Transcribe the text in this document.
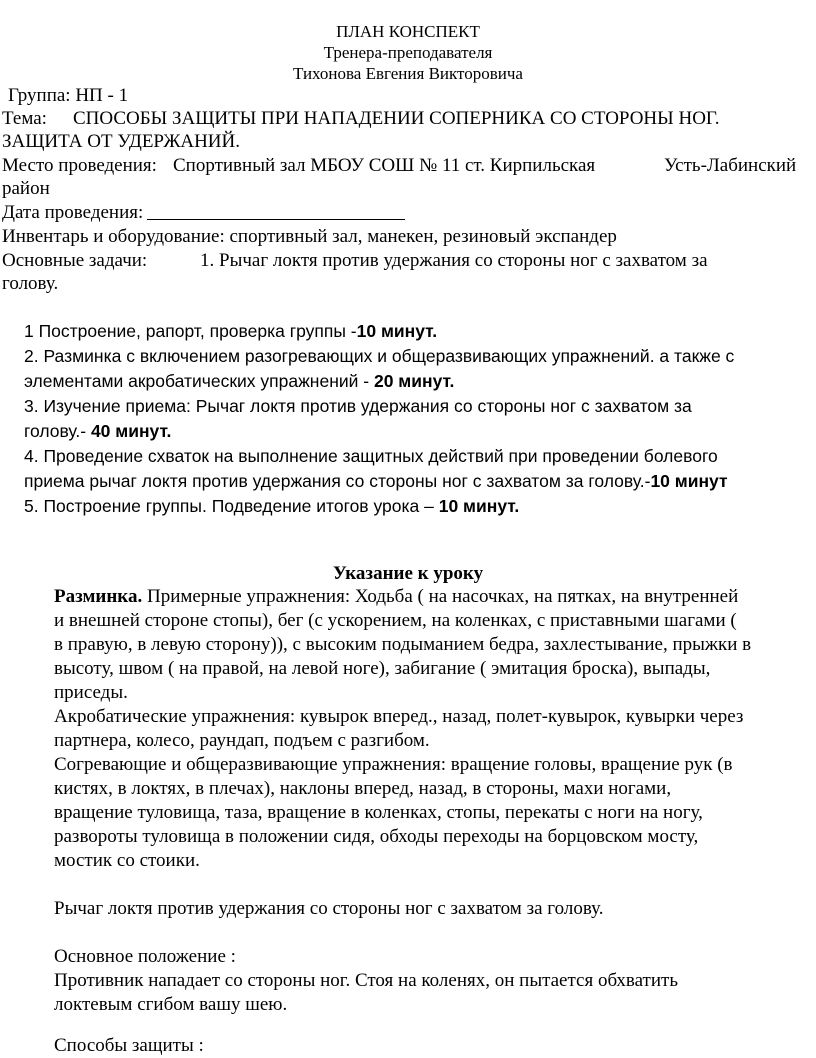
ПЛАН КОНСПЕКТ
Тренера-преподавателя
Тихонова Евгения Викторовича
Группа: НП - 1
Тема: СПОСОБЫ ЗАЩИТЫ ПРИ НАПАДЕНИИ СОПЕРНИКА СО СТОРОНЫ НОГ.
ЗАЩИТА ОТ УДЕРЖАНИЙ.
Место проведения: Спортивный зал МБОУ СОШ № 11 ст. Кирпильская	Усть-Лабинский
район
Дата проведения:
Инвентарь и оборудование: спортивный зал, манекен, резиновый экспандер
Основные задачи:	1. Рычаг локтя против удержания со стороны ног с захватом за
голову.
1 Построение, рапорт, проверка группы -10 минут.
2. Разминка с включением разогревающих и общеразвивающих упражнений. а также с
элементами акробатических упражнений - 20 минут.
3. Изучение приема: Рычаг локтя против удержания со стороны ног с захватом за
голову.- 40 минут.
4. Проведение схваток на выполнение защитных действий при проведении болевого
приема рычаг локтя против удержания со стороны ног с захватом за голову.-10 минут
5. Построение группы. Подведение итогов урока – 10 минут.
Указание к уроку
Разминка. Примерные упражнения: Ходьба ( на насочках, на пятках, на внутренней
и внешней стороне стопы), бег (с ускорением, на коленках, с приставными шагами (
в правую, в левую сторону)), с высоким подыманием бедра, захлестывание, прыжки в
высоту, швом ( на правой, на левой ноге), забигание ( эмитация броска), выпады,
приседы.
Акробатические упражнения: кувырок вперед., назад, полет-кувырок, кувырки через
партнера, колесо, раундап, подъем с разгибом.
Согревающие и общеразвивающие упражнения: вращение головы, вращение рук (в
кистях, в локтях, в плечах), наклоны вперед, назад, в стороны, махи ногами,
вращение туловища, таза, вращение в коленках, стопы, перекаты с ноги на ногу,
развороты туловища в положении сидя, обходы переходы на борцовском мосту,
мостик со стоики.
Рычаг локтя против удержания со стороны ног с захватом за голову.
Основное положение :
Противник нападает со стороны ног. Стоя на коленях, он пытается обхватить
локтевым сгибом вашу шею.
Способы защиты :
